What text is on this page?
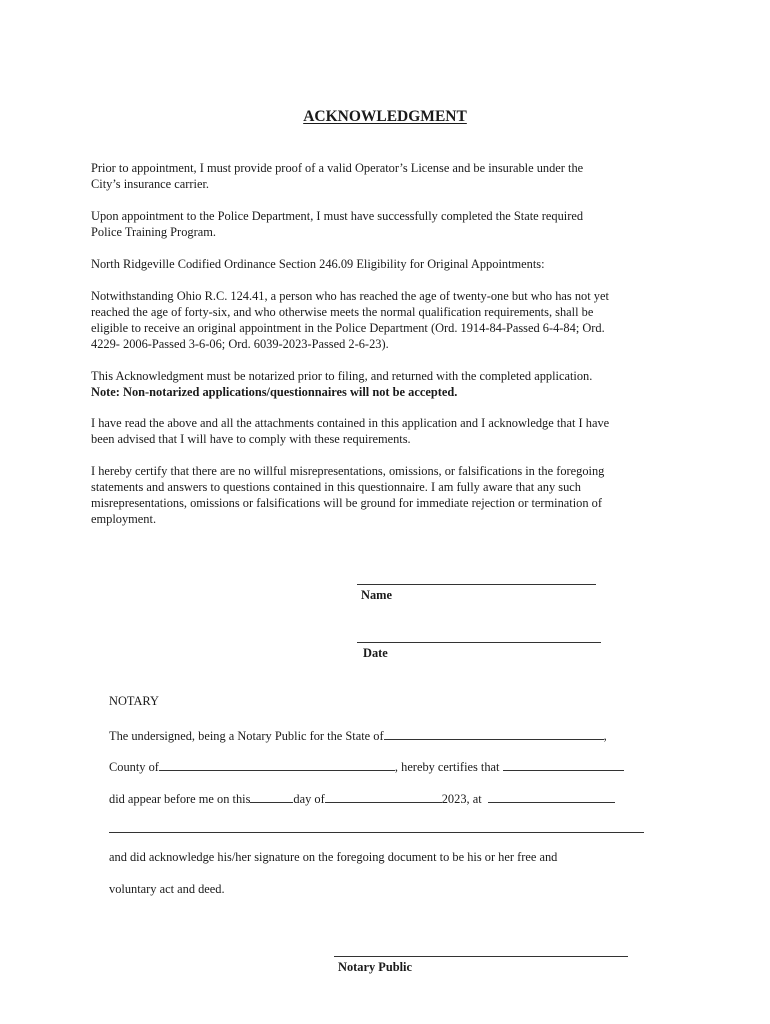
ACKNOWLEDGMENT
Prior to appointment, I must provide proof of a valid Operator’s License and be insurable under the
City’s insurance carrier.
Upon appointment to the Police Department, I must have successfully completed the State required
Police Training Program.
North Ridgeville Codified Ordinance Section 246.09 Eligibility for Original Appointments:
Notwithstanding Ohio R.C. 124.41, a person who has reached the age of twenty-one but who has not yet
reached the age of forty-six, and who otherwise meets the normal qualification requirements, shall be
eligible to receive an original appointment in the Police Department (Ord. 1914-84-Passed 6-4-84; Ord.
4229- 2006-Passed 3-6-06; Ord. 6039-2023-Passed 2-6-23).
This Acknowledgment must be notarized prior to filing, and returned with the completed application.
Note: Non-notarized applications/questionnaires will not be accepted.
I have read the above and all the attachments contained in this application and I acknowledge that I have
been advised that I will have to comply with these requirements.
I hereby certify that there are no willful misrepresentations, omissions, or falsifications in the foregoing
statements and answers to questions contained in this questionnaire. I am fully aware that any such
misrepresentations, omissions or falsifications will be ground for immediate rejection or termination of
employment.
Name
Date
NOTARY
The undersigned, being a Notary Public for the State of	,
County of	, hereby certifies that
did appear before me on this	day of	2023, at
and did acknowledge his/her signature on the foregoing document to be his or her free and
voluntary act and deed.
Notary Public
